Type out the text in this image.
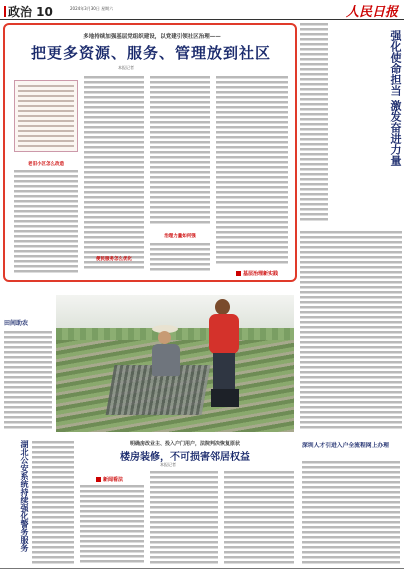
政治 10	2024年3月30日 星期六	人民日报
多地持续加强基层党组织建设，以党建引领社区治理——
把更多资源、服务、管理放到社区
本报记者
老旧小区怎么改造
治理力量如何强
便民服务怎么优化
基层治理新实践
强化使命担当 激发奋进力量
田间助农
深圳人才引进入户全流程网上办理
湖北公安系统持续强化警务服务	明确房改业主、投入户门用户，法院判决恢复原状
楼房装修，不可损害邻居权益
本报记者
新闻看法
